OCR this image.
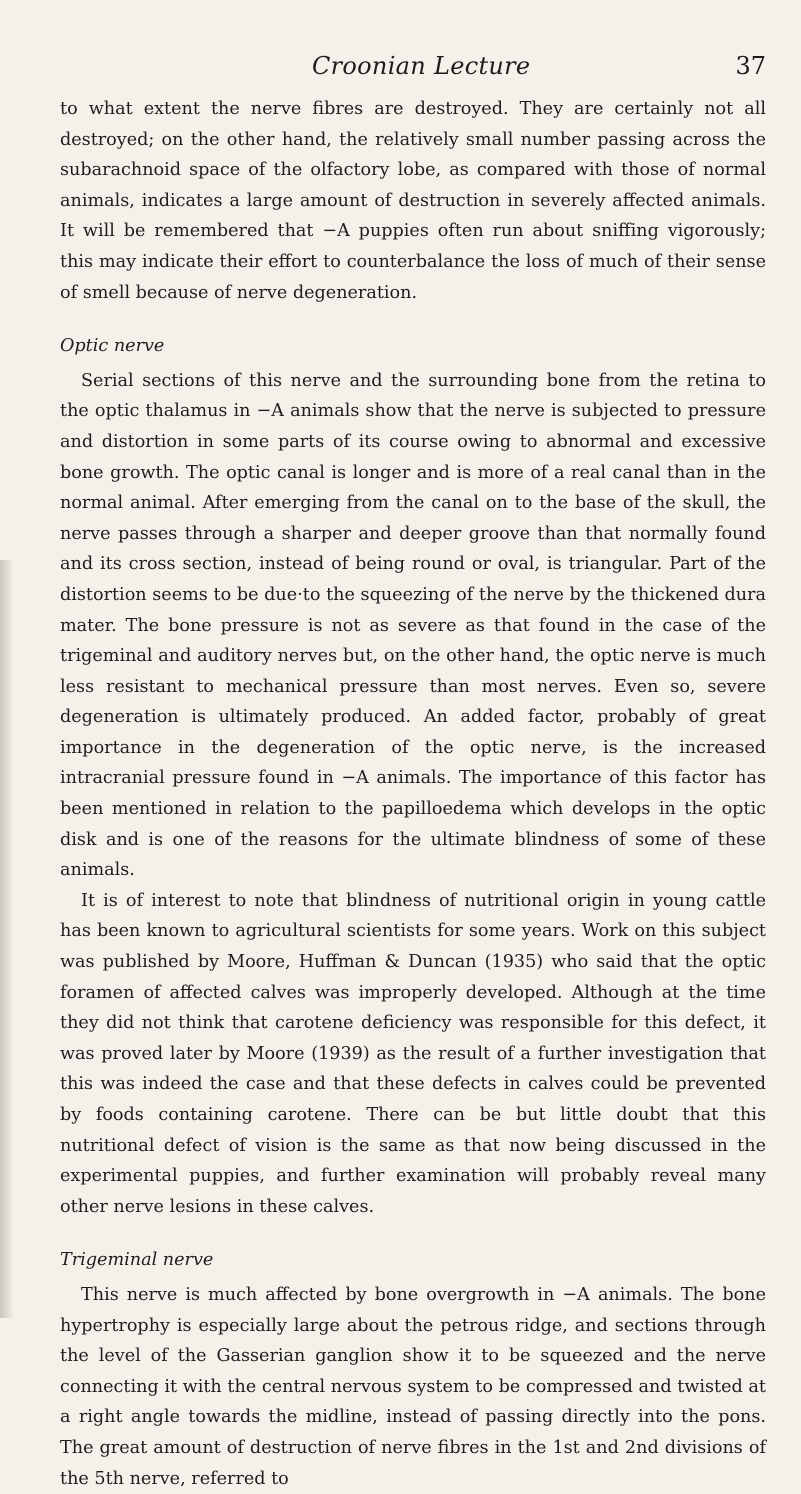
Croonian Lecture	37

to what extent the nerve fibres are destroyed. They are certainly not all destroyed; on the other hand, the relatively small number passing across the subarachnoid space of the olfactory lobe, as compared with those of normal animals, indicates a large amount of destruction in severely affected animals. It will be remembered that −A puppies often run about sniffing vigorously; this may indicate their effort to counterbalance the loss of much of their sense of smell because of nerve degeneration.

Optic nerve

Serial sections of this nerve and the surrounding bone from the retina to the optic thalamus in −A animals show that the nerve is subjected to pressure and distortion in some parts of its course owing to abnormal and excessive bone growth. The optic canal is longer and is more of a real canal than in the normal animal. After emerging from the canal on to the base of the skull, the nerve passes through a sharper and deeper groove than that normally found and its cross section, instead of being round or oval, is triangular. Part of the distortion seems to be due·to the squeezing of the nerve by the thickened dura mater. The bone pressure is not as severe as that found in the case of the trigeminal and auditory nerves but, on the other hand, the optic nerve is much less resistant to mechanical pressure than most nerves. Even so, severe degeneration is ultimately produced. An added factor, probably of great importance in the degeneration of the optic nerve, is the increased intracranial pressure found in −A animals. The importance of this factor has been mentioned in relation to the papilloedema which develops in the optic disk and is one of the reasons for the ultimate blindness of some of these animals.

It is of interest to note that blindness of nutritional origin in young cattle has been known to agricultural scientists for some years. Work on this subject was published by Moore, Huffman & Duncan (1935) who said that the optic foramen of affected calves was improperly developed. Although at the time they did not think that carotene deficiency was responsible for this defect, it was proved later by Moore (1939) as the result of a further investigation that this was indeed the case and that these defects in calves could be prevented by foods containing carotene. There can be but little doubt that this nutritional defect of vision is the same as that now being discussed in the experimental puppies, and further examination will probably reveal many other nerve lesions in these calves.

Trigeminal nerve

This nerve is much affected by bone overgrowth in −A animals. The bone hypertrophy is especially large about the petrous ridge, and sections through the level of the Gasserian ganglion show it to be squeezed and the nerve connecting it with the central nervous system to be compressed and twisted at a right angle towards the midline, instead of passing directly into the pons. The great amount of destruction of nerve fibres in the 1st and 2nd divisions of the 5th nerve, referred to
